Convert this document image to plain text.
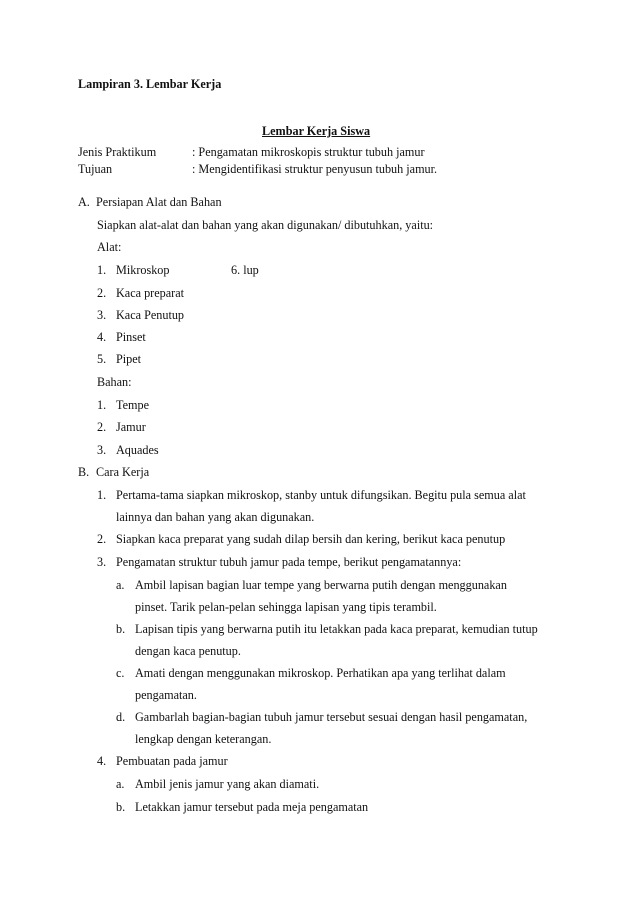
Lampiran 3. Lembar Kerja
Lembar Kerja Siswa
Jenis Praktikum	: Pengamatan mikroskopis struktur tubuh jamur
Tujuan	: Mengidentifikasi struktur penyusun tubuh jamur.
A. Persiapan Alat dan Bahan
Siapkan alat-alat dan bahan yang akan digunakan/ dibutuhkan, yaitu:
Alat:
1. Mikroskop	6. lup
2. Kaca preparat
3. Kaca Penutup
4. Pinset
5. Pipet
Bahan:
1. Tempe
2. Jamur
3. Aquades
B. Cara Kerja
1. Pertama-tama siapkan mikroskop, stanby untuk difungsikan. Begitu pula semua alat
lainnya dan bahan yang akan digunakan.
2. Siapkan kaca preparat yang sudah dilap bersih dan kering, berikut kaca penutup
3. Pengamatan struktur tubuh jamur pada tempe, berikut pengamatannya:
a. Ambil lapisan bagian luar tempe yang berwarna putih dengan menggunakan
pinset. Tarik pelan-pelan sehingga lapisan yang tipis terambil.
b. Lapisan tipis yang berwarna putih itu letakkan pada kaca preparat, kemudian tutup
dengan kaca penutup.
c. Amati dengan menggunakan mikroskop. Perhatikan apa yang terlihat dalam
pengamatan.
d. Gambarlah bagian-bagian tubuh jamur tersebut sesuai dengan hasil pengamatan,
lengkap dengan keterangan.
4. Pembuatan pada jamur
a. Ambil jenis jamur yang akan diamati.
b. Letakkan jamur tersebut pada meja pengamatan
